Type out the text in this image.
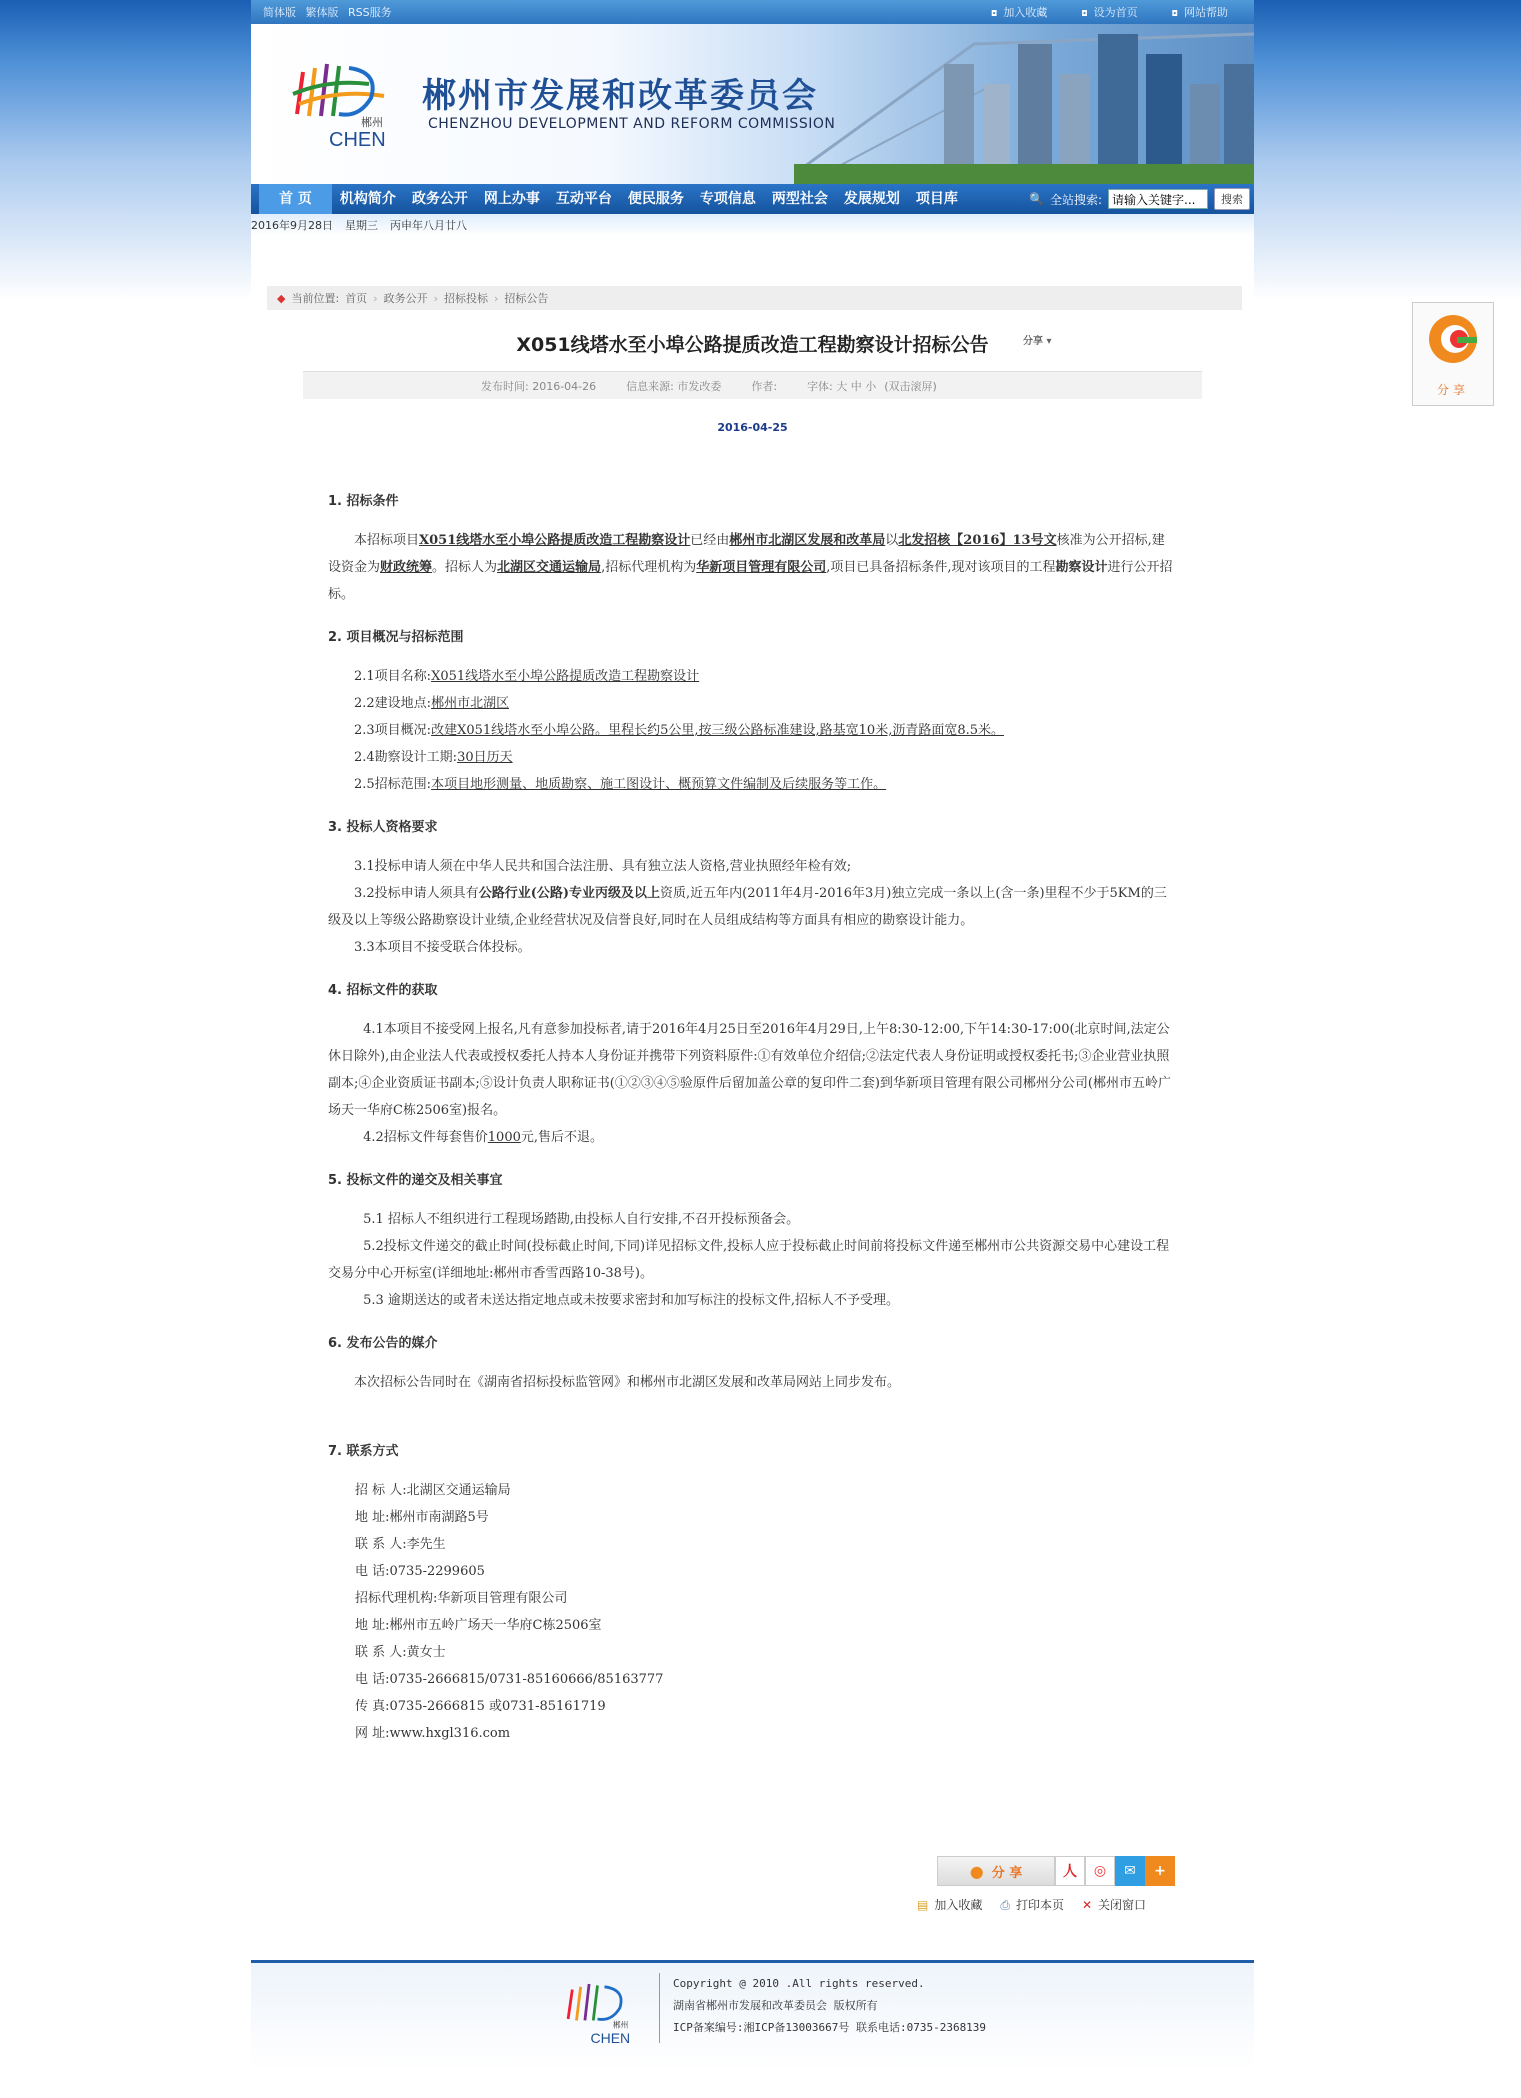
分享
简体版 繁体版 RSS服务	◘ 加入收藏	◘ 设为首页	◘ 网站帮助
郴州
CHEN
郴州市发展和改革委员会
CHENZHOU DEVELOPMENT AND REFORM COMMISSION
首 页	机构简介	政务公开	网上办事	互动平台	便民服务	专项信息	两型社会	发展规划	项目库	🔍 全站搜索:
请输入关键字...	搜索
2016年9月28日 星期三 丙申年八月廿八
◆ 当前位置: 首页 › 政务公开 › 招标投标 › 招标公告
X051线塔水至小埠公路提质改造工程勘察设计招标公告	分享 ▾
发布时间: 2016-04-26	信息来源: 市发改委	作者:	字体: 大 中 小 (双击滚屏)
2016-04-25
1. 招标条件

本招标项目X051线塔水至小埠公路提质改造工程勘察设计已经由郴州市北湖区发展和改革局以北发招核【2016】13号文核准为公开招标,建设资金为财政统筹。招标人为北湖区交通运输局,招标代理机构为华新项目管理有限公司,项目已具备招标条件,现对该项目的工程勘察设计进行公开招标。

2. 项目概况与招标范围
2.1项目名称:X051线塔水至小埠公路提质改造工程勘察设计
2.2建设地点:郴州市北湖区
2.3项目概况:改建X051线塔水至小埠公路。里程长约5公里,按三级公路标准建设,路基宽10米,沥青路面宽8.5米。
2.4勘察设计工期:30日历天
2.5招标范围:本项目地形测量、地质勘察、施工图设计、概预算文件编制及后续服务等工作。
3. 投标人资格要求
3.1投标申请人须在中华人民共和国合法注册、具有独立法人资格,营业执照经年检有效;

3.2投标申请人须具有公路行业(公路)专业丙级及以上资质,近五年内(2011年4月-2016年3月)独立完成一条以上(含一条)里程不少于5KM的三级及以上等级公路勘察设计业绩,企业经营状况及信誉良好,同时在人员组成结构等方面具有相应的勘察设计能力。

3.3本项目不接受联合体投标。
4. 招标文件的获取

4.1本项目不接受网上报名,凡有意参加投标者,请于2016年4月25日至2016年4月29日,上午8:30-12:00,下午14:30-17:00(北京时间,法定公休日除外),由企业法人代表或授权委托人持本人身份证并携带下列资料原件:①有效单位介绍信;②法定代表人身份证明或授权委托书;③企业营业执照副本;④企业资质证书副本;⑤设计负责人职称证书(①②③④⑤验原件后留加盖公章的复印件二套)到华新项目管理有限公司郴州分公司(郴州市五岭广场天一华府C栋2506室)报名。

4.2招标文件每套售价1000元,售后不退。
5. 投标文件的递交及相关事宜
5.1 招标人不组织进行工程现场踏勘,由投标人自行安排,不召开投标预备会。

5.2投标文件递交的截止时间(投标截止时间,下同)详见招标文件,投标人应于投标截止时间前将投标文件递至郴州市公共资源交易中心建设工程交易分中心开标室(详细地址:郴州市香雪西路10-38号)。

5.3 逾期送达的或者未送达指定地点或未按要求密封和加写标注的投标文件,招标人不予受理。
6. 发布公告的媒介

本次招标公告同时在《湖南省招标投标监管网》和郴州市北湖区发展和改革局网站上同步发布。

7. 联系方式
招 标 人:北湖区交通运输局
地 址:郴州市南湖路5号
联 系 人:李先生
电 话:0735-2299605
招标代理机构:华新项目管理有限公司
地 址:郴州市五岭广场天一华府C栋2506室
联 系 人:黄女士
电 话:0735-2666815/0731-85160666/85163777
传 真:0735-2666815 或0731-85161719
网 址:www.hxgl316.com
● 分 享	人	◎	✉	+
▤ 加入收藏 ⎙ 打印本页 ✕ 关闭窗口
郴州
CHEN
Copyright @ 2010 .All rights reserved.
湖南省郴州市发展和改革委员会 版权所有
ICP备案编号:湘ICP备13003667号 联系电话:0735-2368139
